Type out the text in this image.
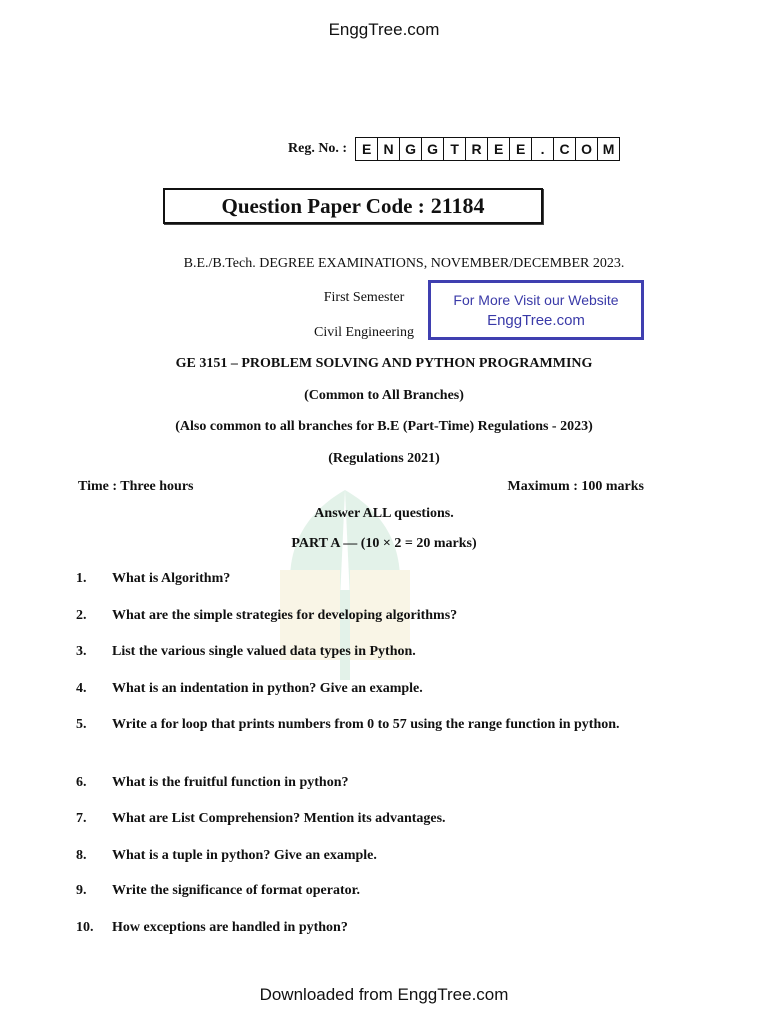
EnggTree.com
Reg. No. :	E N G G T R E E	.	C O M
Question Paper Code : 21184
B.E./B.Tech. DEGREE EXAMINATIONS, NOVEMBER/DECEMBER 2023.
First Semester
Civil Engineering
For More Visit our Website
EnggTree.com
GE 3151 – PROBLEM SOLVING AND PYTHON PROGRAMMING
(Common to All Branches)
(Also common to all branches for B.E (Part-Time) Regulations - 2023)
(Regulations 2021)
Time : Three hours	Maximum : 100 marks
Answer ALL questions.
PART A — (10 × 2 = 20 marks)
1.	What is Algorithm?
2.	What are the simple strategies for developing algorithms?
3.	List the various single valued data types in Python.
4.	What is an indentation in python? Give an example.
5.	Write a for loop that prints numbers from 0 to 57 using the range function in python.
6.	What is the fruitful function in python?
7.	What are List Comprehension? Mention its advantages.
8.	What is a tuple in python? Give an example.
9.	Write the significance of format operator.
10.	How exceptions are handled in python?
Downloaded from EnggTree.com
